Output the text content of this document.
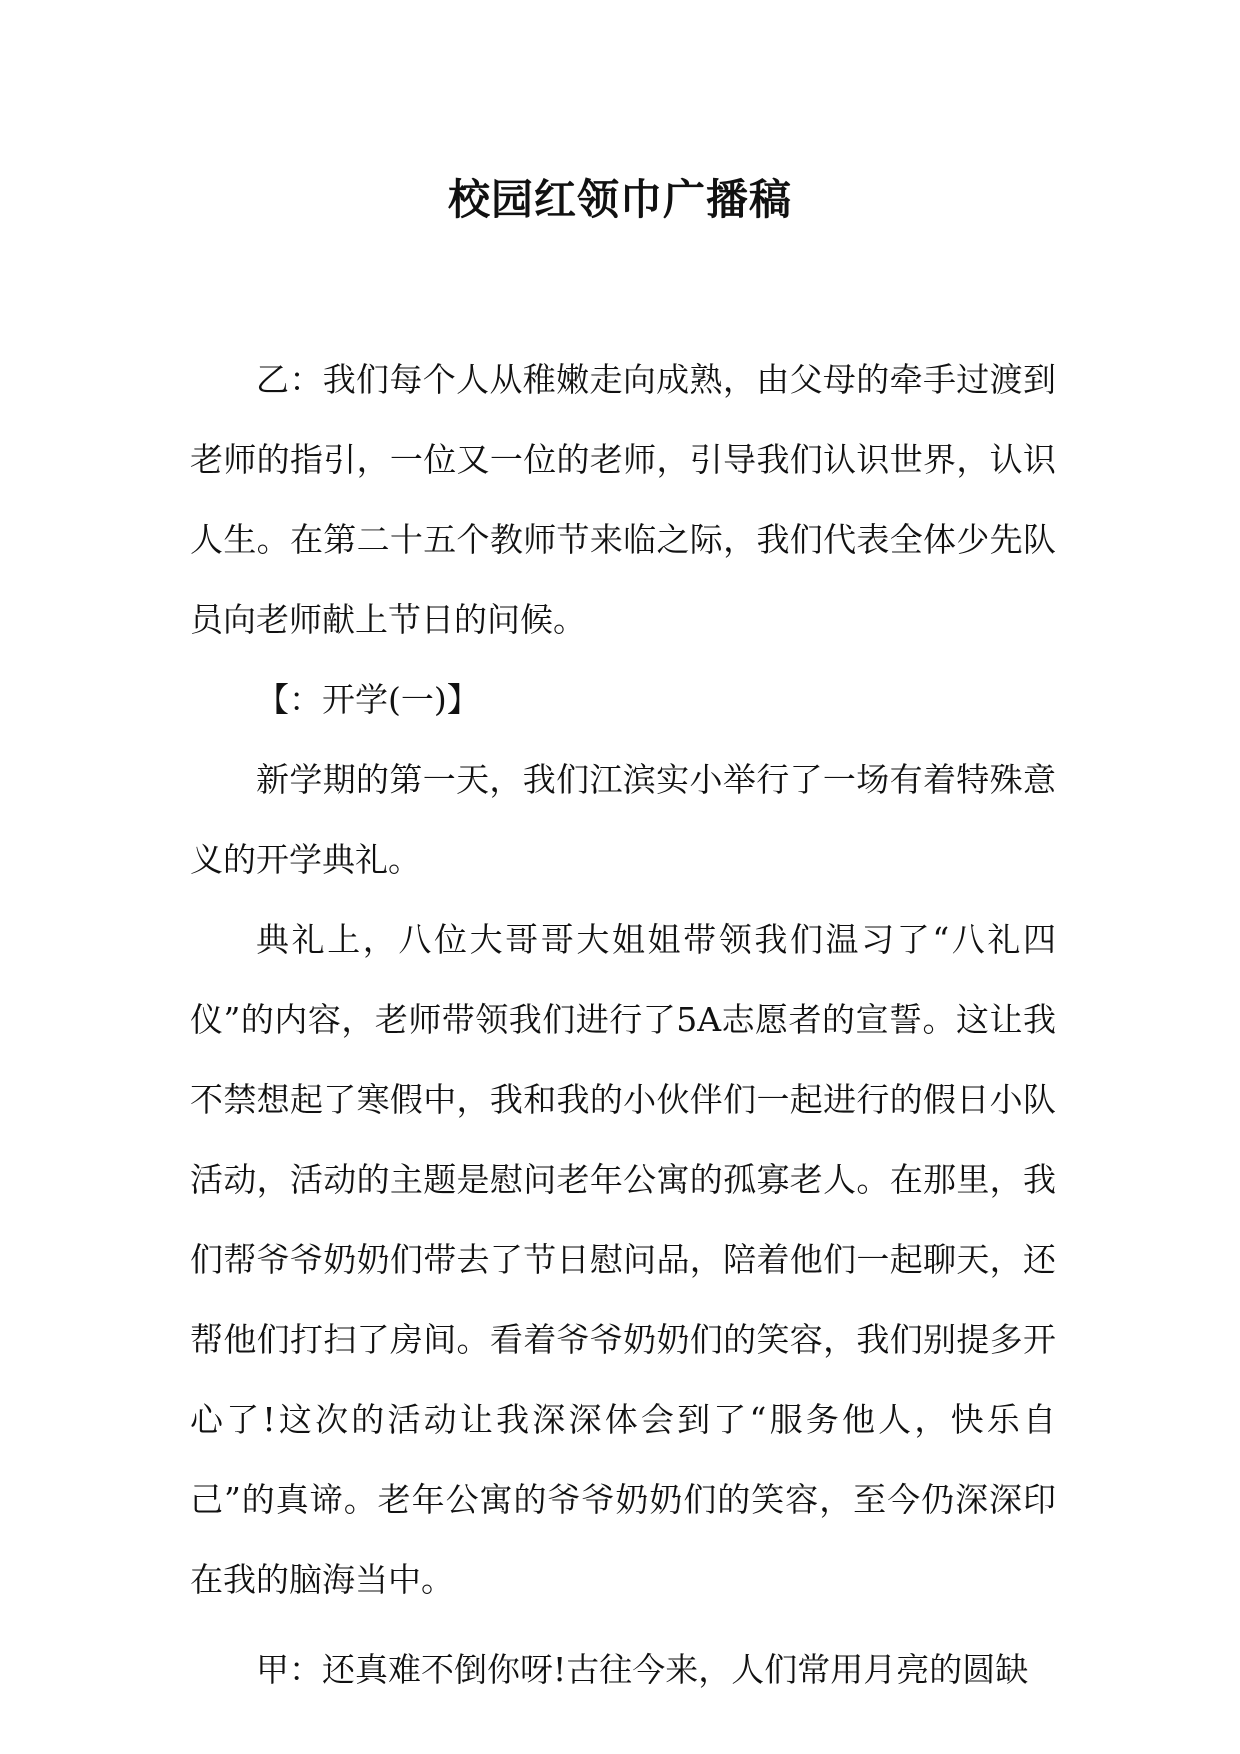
校园红领巾广播稿

乙：我们每个人从稚嫩走向成熟，由父母的牵手过渡到老师的指引，一位又一位的老师，引导我们认识世界，认识人生。在第二十五个教师节来临之际，我们代表全体少先队员向老师献上节日的问候。

【：开学(一)】

新学期的第一天，我们江滨实小举行了一场有着特殊意义的开学典礼。

典礼上，八位大哥哥大姐姐带领我们温习了“八礼四仪”的内容，老师带领我们进行了5A志愿者的宣誓。这让我不禁想起了寒假中，我和我的小伙伴们一起进行的假日小队活动，活动的主题是慰问老年公寓的孤寡老人。在那里，我们帮爷爷奶奶们带去了节日慰问品，陪着他们一起聊天，还帮他们打扫了房间。看着爷爷奶奶们的笑容，我们别提多开心了!这次的活动让我深深体会到了“服务他人，快乐自己”的真谛。老年公寓的爷爷奶奶们的笑容，至今仍深深印在我的脑海当中。

甲：还真难不倒你呀!古往今来，人们常用月亮的圆缺
